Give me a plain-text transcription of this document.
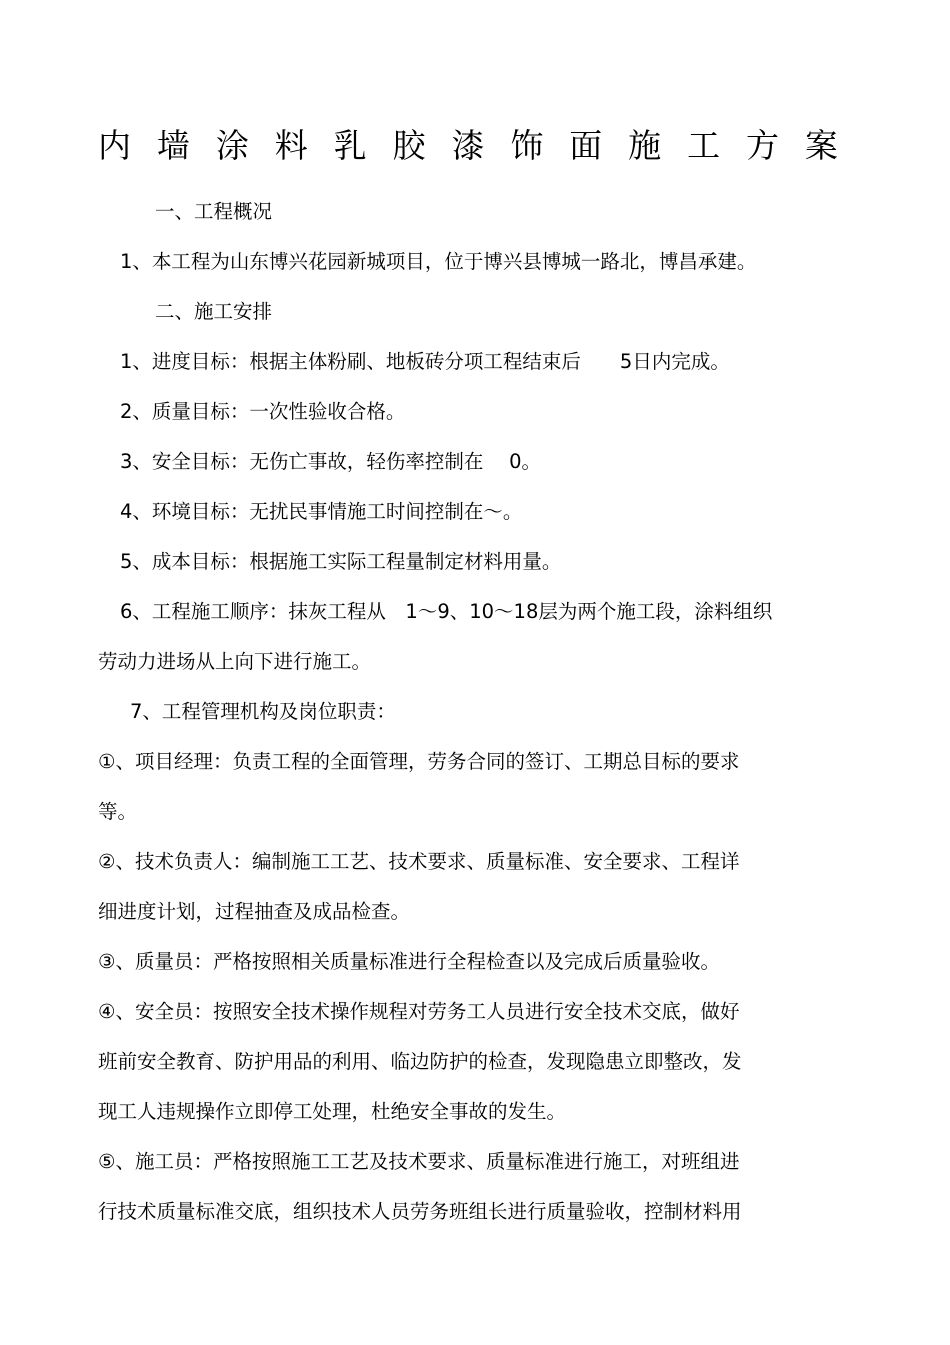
内 墙 涂 料 乳 胶 漆 饰 面 施 工 方 案
一、工程概况
1、本工程为山东博兴花园新城项目，位于博兴县博城一路北，博昌承建。
二、施工安排
1、进度目标：根据主体粉刷、地板砖分项工程结束后　　5日内完成。
2、质量目标：一次性验收合格。
3、安全目标：无伤亡事故，轻伤率控制在　 0。
4、环境目标：无扰民事情施工时间控制在～。
5、成本目标：根据施工实际工程量制定材料用量。
6、工程施工顺序：抹灰工程从　1～9、10～18层为两个施工段，涂料组织
劳动力进场从上向下进行施工。
7、工程管理机构及岗位职责：
①、项目经理：负责工程的全面管理，劳务合同的签订、工期总目标的要求
等。
②、技术负责人：编制施工工艺、技术要求、质量标准、安全要求、工程详
细进度计划，过程抽查及成品检查。
③、质量员：严格按照相关质量标准进行全程检查以及完成后质量验收。
④、安全员：按照安全技术操作规程对劳务工人员进行安全技术交底，做好
班前安全教育、防护用品的利用、临边防护的检查，发现隐患立即整改，发
现工人违规操作立即停工处理，杜绝安全事故的发生。
⑤、施工员：严格按照施工工艺及技术要求、质量标准进行施工，对班组进
行技术质量标准交底，组织技术人员劳务班组长进行质量验收，控制材料用
